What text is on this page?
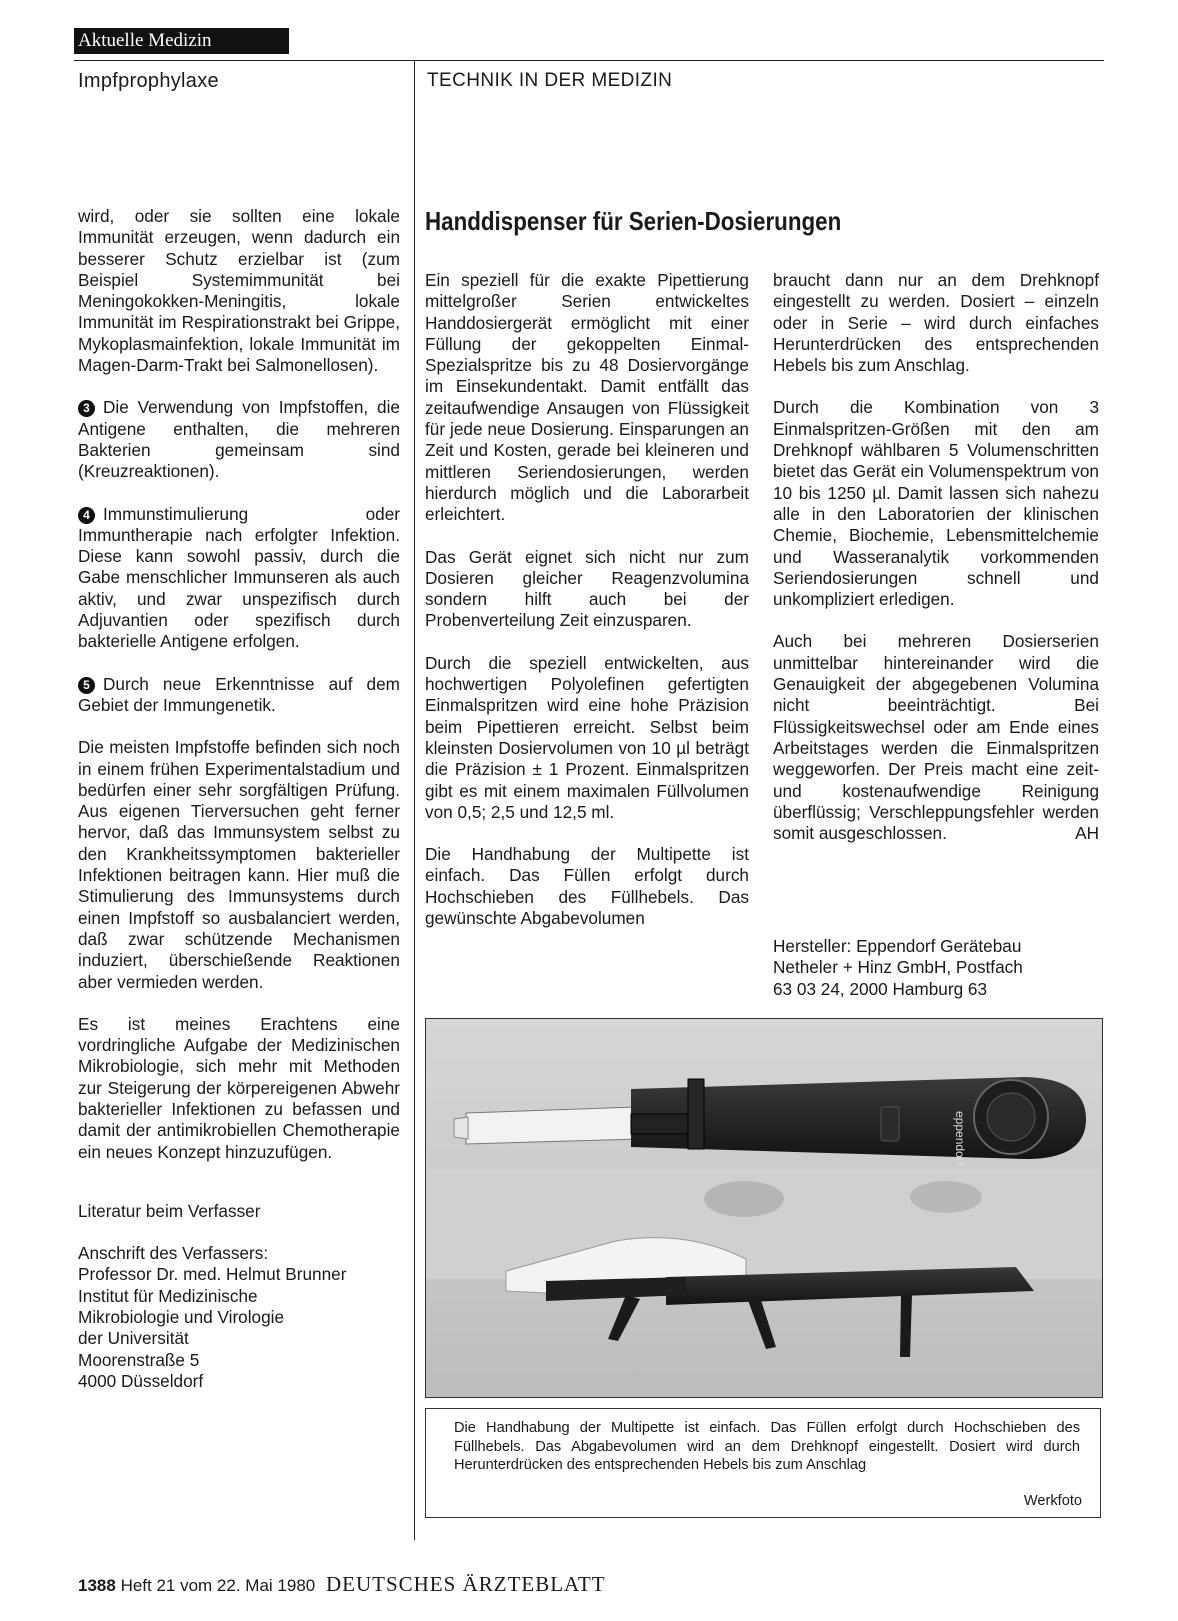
Aktuelle Medizin
Impfprophylaxe	TECHNIK IN DER MEDIZIN

wird, oder sie sollten eine lokale Immunität erzeugen, wenn dadurch ein besserer Schutz erzielbar ist (zum Beispiel Systemimmunität bei Meningokokken-Meningitis, lokale Immunität im Respirationstrakt bei Grippe, Mykoplasmainfektion, lokale Immunität im Magen-Darm-Trakt bei Salmonellosen).

3 Die Verwendung von Impfstoffen, die Antigene enthalten, die mehreren Bakterien gemeinsam sind (Kreuzreaktionen).

4 Immunstimulierung oder Immuntherapie nach erfolgter Infektion. Diese kann sowohl passiv, durch die Gabe menschlicher Immunseren als auch aktiv, und zwar unspezifisch durch Adjuvantien oder spezifisch durch bakterielle Antigene erfolgen.

5 Durch neue Erkenntnisse auf dem Gebiet der Immungenetik.

Die meisten Impfstoffe befinden sich noch in einem frühen Experimentalstadium und bedürfen einer sehr sorgfältigen Prüfung. Aus eigenen Tierversuchen geht ferner hervor, daß das Immunsystem selbst zu den Krankheitssymptomen bakterieller Infektionen beitragen kann. Hier muß die Stimulierung des Immunsystems durch einen Impfstoff so ausbalanciert werden, daß zwar schützende Mechanismen induziert, überschießende Reaktionen aber vermieden werden.

Es ist meines Erachtens eine vordringliche Aufgabe der Medizinischen Mikrobiologie, sich mehr mit Methoden zur Steigerung der körpereigenen Abwehr bakterieller Infektionen zu befassen und damit der antimikrobiellen Chemotherapie ein neues Konzept hinzuzufügen.

Literatur beim Verfasser

Anschrift des Verfassers:
Professor Dr. med. Helmut Brunner
Institut für Medizinische
Mikrobiologie und Virologie
der Universität
Moorenstraße 5
4000 Düsseldorf
Handdispenser für Serien-Dosierungen

Ein speziell für die exakte Pipettierung mittelgroßer Serien entwickeltes Handdosiergerät ermöglicht mit einer Füllung der gekoppelten Einmal-Spezialspritze bis zu 48 Dosiervorgänge im Einsekundentakt. Damit entfällt das zeitaufwendige Ansaugen von Flüssigkeit für jede neue Dosierung. Einsparungen an Zeit und Kosten, gerade bei kleineren und mittleren Seriendosierungen, werden hierdurch möglich und die Laborarbeit erleichtert.

Das Gerät eignet sich nicht nur zum Dosieren gleicher Reagenzvolumina sondern hilft auch bei der Probenverteilung Zeit einzusparen.

Durch die speziell entwickelten, aus hochwertigen Polyolefinen gefertigten Einmalspritzen wird eine hohe Präzision beim Pipettieren erreicht. Selbst beim kleinsten Dosiervolumen von 10 µl beträgt die Präzision ± 1 Prozent. Einmalspritzen gibt es mit einem maximalen Füllvolumen von 0,5; 2,5 und 12,5 ml.

Die Handhabung der Multipette ist einfach. Das Füllen erfolgt durch Hochschieben des Füllhebels. Das gewünschte Abgabevolumen

braucht dann nur an dem Drehknopf eingestellt zu werden. Dosiert – einzeln oder in Serie – wird durch einfaches Herunterdrücken des entsprechenden Hebels bis zum Anschlag.

Durch die Kombination von 3 Einmalspritzen-Größen mit den am Drehknopf wählbaren 5 Volumenschritten bietet das Gerät ein Volumenspektrum von 10 bis 1250 µl. Damit lassen sich nahezu alle in den Laboratorien der klinischen Chemie, Biochemie, Lebensmittelchemie und Wasseranalytik vorkommenden Seriendosierungen schnell und unkompliziert erledigen.

Auch bei mehreren Dosierserien unmittelbar hintereinander wird die Genauigkeit der abgegebenen Volumina nicht beeinträchtigt. Bei Flüssigkeitswechsel oder am Ende eines Arbeitstages werden die Einmalspritzen weggeworfen. Der Preis macht eine zeit- und kostenaufwendige Reinigung überflüssig; Verschleppungsfehler werden somit ausgeschlossen.	AH

Hersteller: Eppendorf Gerätebau
Netheler + Hinz GmbH, Postfach
63 03 24, 2000 Hamburg 63
eppendorf
Die Handhabung der Multipette ist einfach. Das Füllen erfolgt durch Hochschieben des Füllhebels. Das Abgabevolumen wird an dem Drehknopf eingestellt. Dosiert wird durch Herunterdrücken des entsprechenden Hebels bis zum Anschlag
Werkfoto
1388 Heft 21 vom 22. Mai 1980 DEUTSCHES ÄRZTEBLATT
